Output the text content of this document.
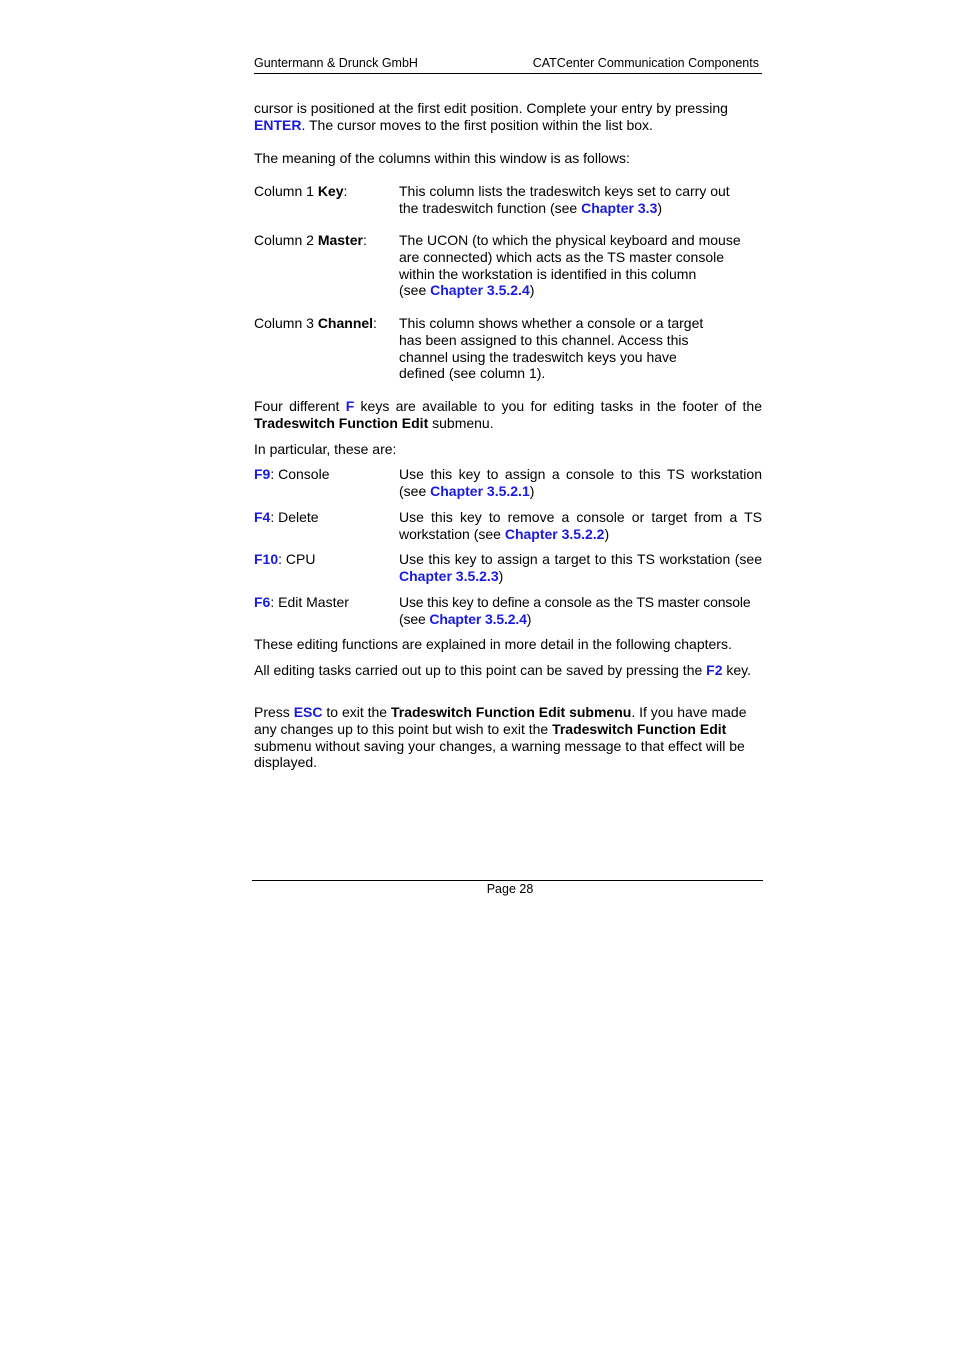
Guntermann & Drunck GmbH	CATCenter Communication Components
cursor is positioned at the first edit position. Complete your entry by pressing
ENTER. The cursor moves to the first position within the list box.
The meaning of the columns within this window is as follows:
Column 1 Key:	This column lists the tradeswitch keys set to carry out
the tradeswitch function (see Chapter 3.3)
Column 2 Master:	The UCON (to which the physical keyboard and mouse
are connected) which acts as the TS master console
within the workstation is identified in this column
(see Chapter 3.5.2.4)
Column 3 Channel:	This column shows whether a console or a target
has been assigned to this channel. Access this
channel using the tradeswitch keys you have
defined (see column 1).
Four different F keys are available to you for editing tasks in the footer of the Tradeswitch Function Edit submenu.
In particular, these are:
F9: Console	Use this key to assign a console to this TS workstation (see Chapter 3.5.2.1)
F4: Delete	Use this key to remove a console or target from a TS workstation (see Chapter 3.5.2.2)
F10: CPU	Use this key to assign a target to this TS workstation (see Chapter 3.5.2.3)
F6: Edit Master	Use this key to define a console as the TS master console (see Chapter 3.5.2.4)
These editing functions are explained in more detail in the following chapters.
All editing tasks carried out up to this point can be saved by pressing the F2 key.
Press ESC to exit the Tradeswitch Function Edit submenu. If you have made any changes up to this point but wish to exit the Tradeswitch Function Edit submenu without saving your changes, a warning message to that effect will be displayed.
Page 28
